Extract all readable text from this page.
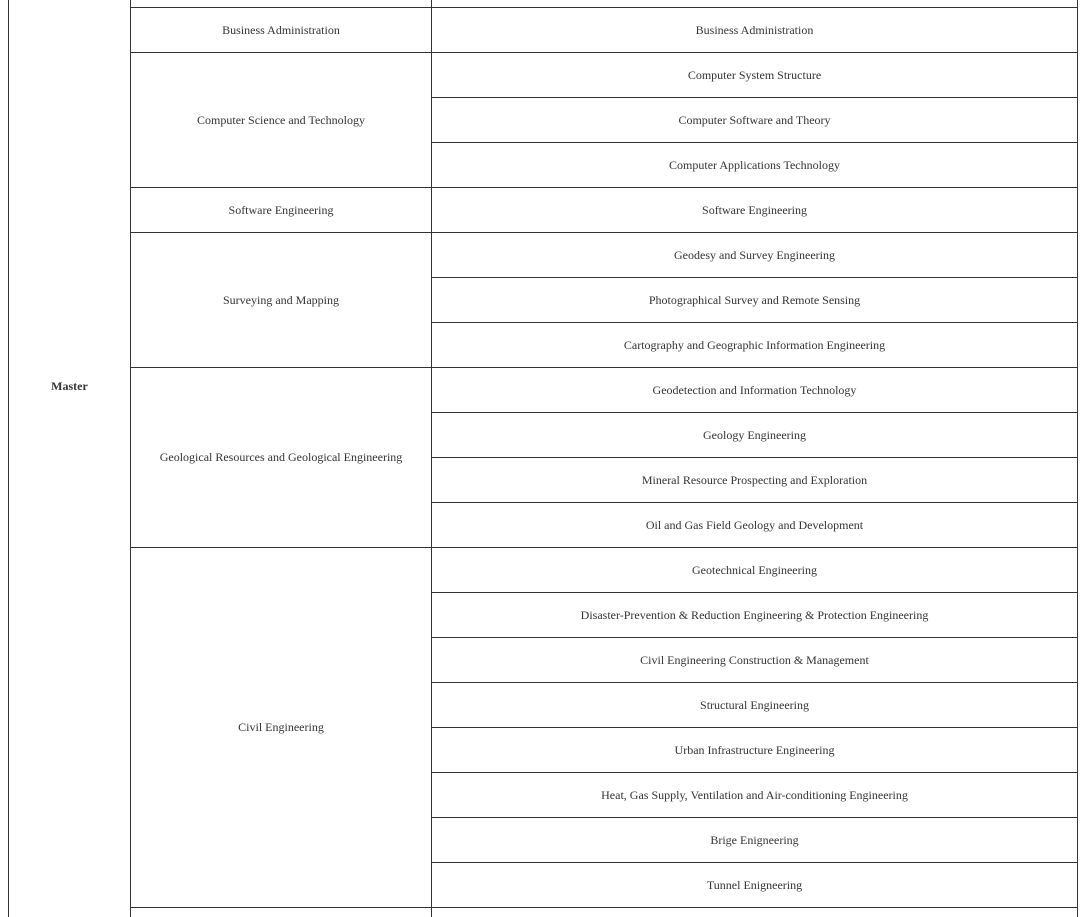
Master
Business Administration	Business Administration
Computer Science and Technology
Computer System Structure
Computer Software and Theory
Computer Applications Technology
Software Engineering	Software Engineering
Surveying and Mapping
Geodesy and Survey Engineering
Photographical Survey and Remote Sensing
Cartography and Geographic Information Engineering
Geological Resources and Geological Engineering
Geodetection and Information Technology
Geology Engineering
Mineral Resource Prospecting and Exploration
Oil and Gas Field Geology and Development
Civil Engineering
Geotechnical Engineering
Disaster-Prevention & Reduction Engineering & Protection Engineering
Civil Engineering Construction & Management
Structural Engineering
Urban Infrastructure Engineering
Heat, Gas Supply, Ventilation and Air-conditioning Engineering
Brige Enigneering
Tunnel Enigneering
